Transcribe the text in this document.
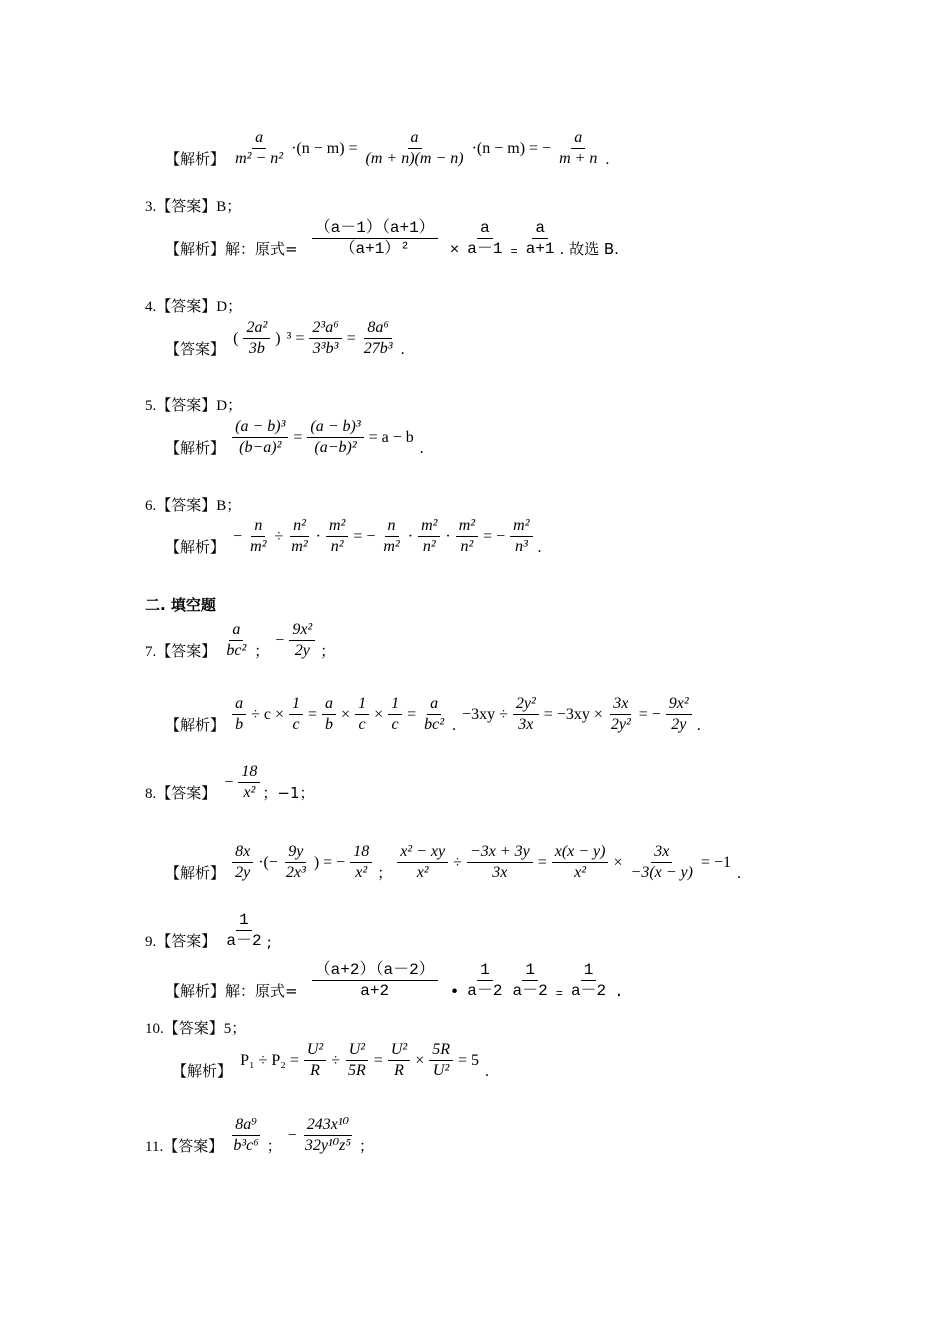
【解析】 $\frac{a}{\text{m² − n²}} \cdot(n - m) = \frac{a}{(m + n)(m - n)} \cdot(n - m)$ = − $\frac{a}{m + n}$ .
3.【答案】B；
【解析】解：原式= $\frac{(a-1)(a+1)}{\text{（a+1）²}} \times \frac{a}{a-1} = \frac{a}{a+1}$ . 故选 B.
4.【答案】D；
【答案】 ( $\frac{\text{2a²}}{3b}$ ) $^3 = \frac{\text{2³a⁶}}{\text{3³b³}} = \frac{\text{8a⁶}}{\text{27b³}}$ .
5.【答案】D；
【解析】 $\frac{\text{(a − b)³}}{\text{(b−a)²}} = \frac{\text{(a − b)³}}{\text{(a−b)²}} = a - b$.
6.【答案】B；
【解析】 − $\frac{n}{\text{m²}} \div \frac{\text{n²}}{\text{m²}} \cdot \frac{\text{m²}}{\text{n²}}$ = − $\frac{n}{\text{m²}} \cdot \frac{\text{m²}}{\text{n²}} \cdot \frac{\text{m²}}{\text{n²}}$ = − $\frac{\text{m²}}{\text{n³}}$ .
二. 填空题
7.【答案】 $\frac{a}{\text{bc²}}$ ；− $\frac{\text{9x²}}{2y}$ ；
【解析】 $\frac{a}{b} \div c \times \frac{1}{c} = \frac{a}{b} \times \frac{1}{c} \times \frac{1}{c} = \frac{a}{\text{bc²}} .-3xy \div \frac{\text{2y²}}{3x} = -3xy \times \frac{3x}{\text{2y²}}$ = − $\frac{\text{9x²}}{2y}$ .
8.【答案】 − $\frac{18}{\text{x²}}$ ；−1；
【解析】 $\frac{8x}{2y}$ ·(− $\frac{9y}{\text{2x³}}$ ) = − $\frac{18}{\text{x²}}$ ； $\frac{\text{x² − xy}}{\text{x²}} \div \frac{-3x + 3y}{3x} = \frac{x(x - y)}{\text{x²}} \times \frac{3x}{-3(x - y)} = -1$.
9.【答案】 $\frac{1}{a-2}$ ;
【解析】解：原式= $\frac{(a+2)(a-2)}{a+2}$ • $\frac{1}{a-2} \frac{1}{a-2} = \frac{1}{a-2}$ .
10.【答案】5；
【解析】 $P_1 \div P_2 = \frac{\text{U²}}{R} \div \frac{\text{U²}}{5R} = \frac{\text{U²}}{R} \times \frac{5R}{\text{U²}} = 5$.
11.【答案】 $\frac{\text{8a⁹}}{\text{b³c⁶}}$ ；− $\frac{\text{243x¹⁰}}{\text{32y¹⁰z⁵}}$ ；
